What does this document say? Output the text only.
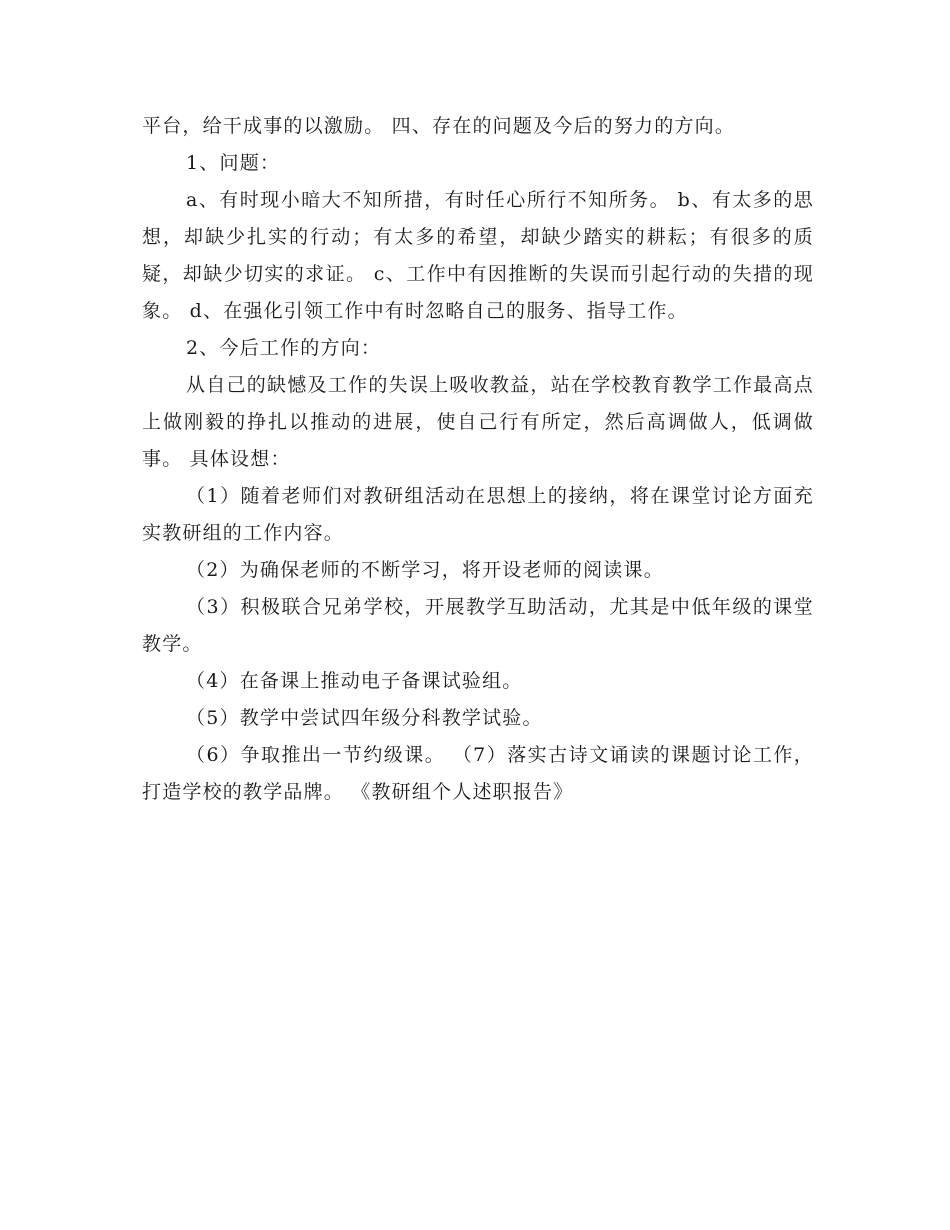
平台，给干成事的以激励。 四、存在的问题及今后的努力的方向。

1、问题：

a、有时现小暗大不知所措，有时任心所行不知所务。 b、有太多的思想，却缺少扎实的行动；有太多的希望，却缺少踏实的耕耘；有很多的质疑，却缺少切实的求证。 c、工作中有因推断的失误而引起行动的失措的现象。 d、在强化引领工作中有时忽略自己的服务、指导工作。

2、今后工作的方向：

从自己的缺憾及工作的失误上吸收教益，站在学校教育教学工作最高点上做刚毅的挣扎以推动的进展，使自己行有所定，然后高调做人，低调做事。 具体设想：

（1）随着老师们对教研组活动在思想上的接纳，将在课堂讨论方面充实教研组的工作内容。

（2）为确保老师的不断学习，将开设老师的阅读课。

（3）积极联合兄弟学校，开展教学互助活动，尤其是中低年级的课堂教学。

（4）在备课上推动电子备课试验组。

（5）教学中尝试四年级分科教学试验。

（6）争取推出一节约级课。 （7）落实古诗文诵读的课题讨论工作，打造学校的教学品牌。 《教研组个人述职报告》
